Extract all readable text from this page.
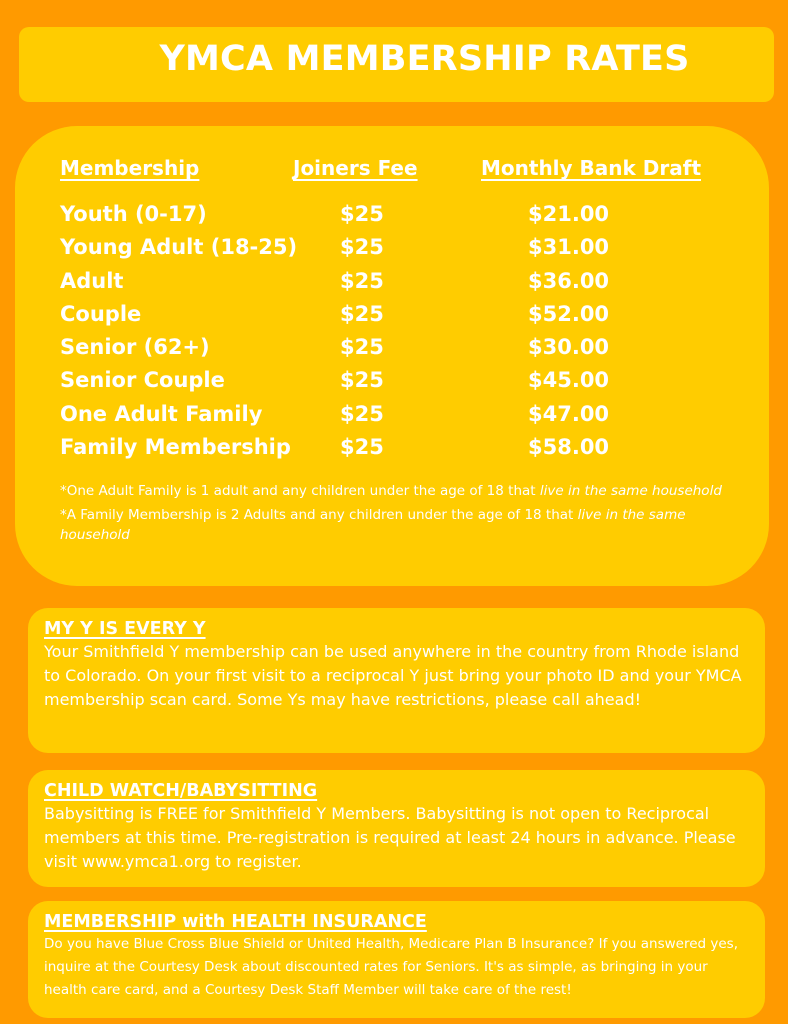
YMCA MEMBERSHIP RATES
Membership	Joiners Fee	Monthly Bank Draft
Youth (0-17)	$25	$21.00
Young Adult (18-25) $25	$31.00
Adult	$25	$36.00
Couple	$25	$52.00
Senior (62+)	$25	$30.00
Senior Couple	$25	$45.00
One Adult Family	$25	$47.00
Family Membership $25	$58.00

*One Adult Family is 1 adult and any children under the age of 18 that live in the same household

*A Family Membership is 2 Adults and any children under the age of 18 that live in the same household

MY Y IS EVERY Y

Your Smithfield Y membership can be used anywhere in the country from Rhode island to Colorado. On your first visit to a reciprocal Y just bring your photo ID and your YMCA membership scan card. Some Ys may have restrictions, please call ahead!

CHILD WATCH/BABYSITTING

Babysitting is FREE for Smithfield Y Members. Babysitting is not open to Reciprocal members at this time. Pre-registration is required at least 24 hours in advance. Please visit www.ymca1.org to register.

MEMBERSHIP with HEALTH INSURANCE

Do you have Blue Cross Blue Shield or United Health, Medicare Plan B Insurance? If you answered yes, inquire at the Courtesy Desk about discounted rates for Seniors. It's as simple, as bringing in your health care card, and a Courtesy Desk Staff Member will take care of the rest!
